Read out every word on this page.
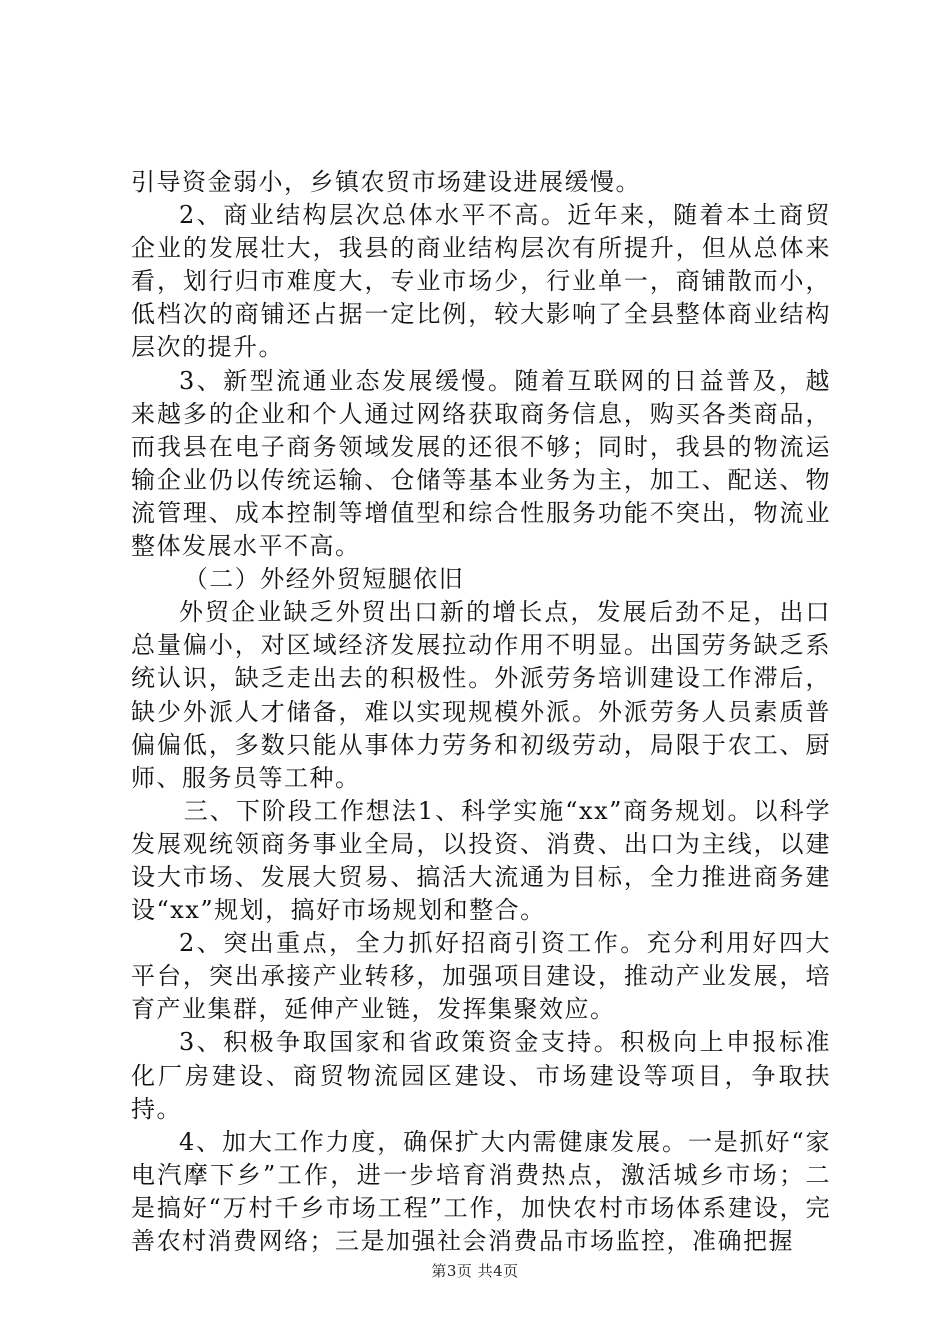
引导资金弱小，乡镇农贸市场建设进展缓慢。

2、商业结构层次总体水平不高。近年来，随着本土商贸企业的发展壮大，我县的商业结构层次有所提升，但从总体来看，划行归市难度大，专业市场少，行业单一，商铺散而小，低档次的商铺还占据一定比例，较大影响了全县整体商业结构层次的提升。

3、新型流通业态发展缓慢。随着互联网的日益普及，越来越多的企业和个人通过网络获取商务信息，购买各类商品，而我县在电子商务领域发展的还很不够；同时，我县的物流运输企业仍以传统运输、仓储等基本业务为主，加工、配送、物流管理、成本控制等增值型和综合性服务功能不突出，物流业整体发展水平不高。

（二）外经外贸短腿依旧

外贸企业缺乏外贸出口新的增长点，发展后劲不足，出口总量偏小，对区域经济发展拉动作用不明显。出国劳务缺乏系统认识，缺乏走出去的积极性。外派劳务培训建设工作滞后，缺少外派人才储备，难以实现规模外派。外派劳务人员素质普偏偏低，多数只能从事体力劳务和初级劳动，局限于农工、厨师、服务员等工种。

三、下阶段工作想法1、科学实施“xx”商务规划。以科学发展观统领商务事业全局，以投资、消费、出口为主线，以建设大市场、发展大贸易、搞活大流通为目标，全力推进商务建设“xx”规划，搞好市场规划和整合。

2、突出重点，全力抓好招商引资工作。充分利用好四大平台，突出承接产业转移，加强项目建设，推动产业发展，培育产业集群，延伸产业链，发挥集聚效应。

3、积极争取国家和省政策资金支持。积极向上申报标准化厂房建设、商贸物流园区建设、市场建设等项目，争取扶持。

4、加大工作力度，确保扩大内需健康发展。一是抓好“家电汽摩下乡”工作，进一步培育消费热点，激活城乡市场；二是搞好“万村千乡市场工程”工作，加快农村市场体系建设，完善农村消费网络；三是加强社会消费品市场监控，准确把握

第3页 共4页
